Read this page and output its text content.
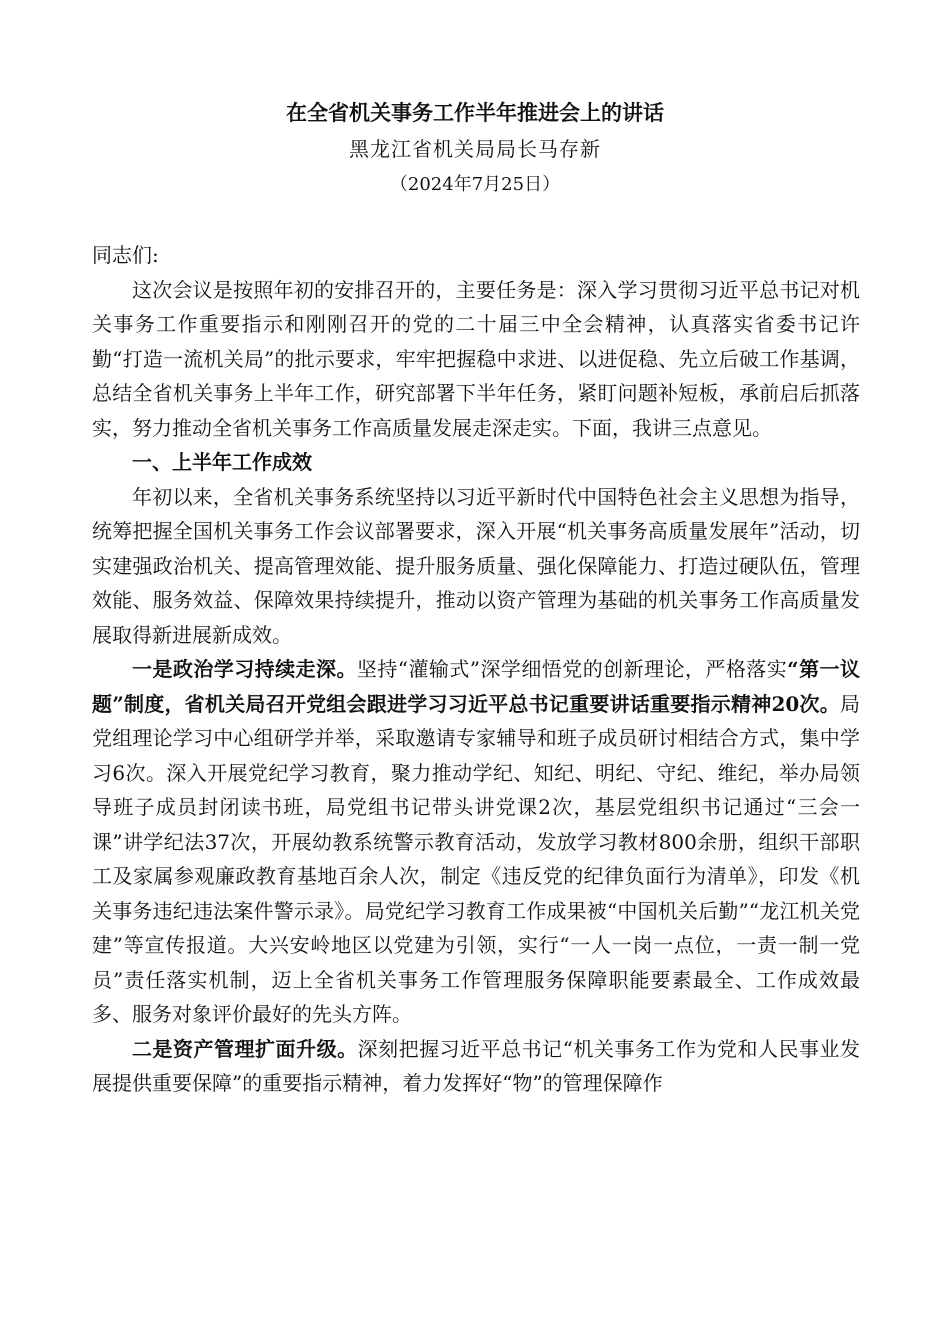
在全省机关事务工作半年推进会上的讲话
黑龙江省机关局局长马存新
（2024年7月25日）

同志们:

这次会议是按照年初的安排召开的，主要任务是：深入学习贯彻习近平总书记对机关事务工作重要指示和刚刚召开的党的二十届三中全会精神，认真落实省委书记许勤“打造一流机关局”的批示要求，牢牢把握稳中求进、以进促稳、先立后破工作基调，总结全省机关事务上半年工作，研究部署下半年任务，紧盯问题补短板，承前启后抓落实，努力推动全省机关事务工作高质量发展走深走实。下面，我讲三点意见。

一、上半年工作成效

年初以来，全省机关事务系统坚持以习近平新时代中国特色社会主义思想为指导，统筹把握全国机关事务工作会议部署要求，深入开展“机关事务高质量发展年”活动，切实建强政治机关、提高管理效能、提升服务质量、强化保障能力、打造过硬队伍，管理效能、服务效益、保障效果持续提升，推动以资产管理为基础的机关事务工作高质量发展取得新进展新成效。

一是政治学习持续走深。坚持“灌输式”深学细悟党的创新理论，严格落实“第一议题”制度，省机关局召开党组会跟进学习习近平总书记重要讲话重要指示精神20次。局党组理论学习中心组研学并举，采取邀请专家辅导和班子成员研讨相结合方式，集中学习6次。深入开展党纪学习教育，聚力推动学纪、知纪、明纪、守纪、维纪，举办局领导班子成员封闭读书班，局党组书记带头讲党课2次，基层党组织书记通过“三会一课”讲学纪法37次，开展幼教系统警示教育活动，发放学习教材800余册，组织干部职工及家属参观廉政教育基地百余人次，制定《违反党的纪律负面行为清单》，印发《机关事务违纪违法案件警示录》。局党纪学习教育工作成果被“中国机关后勤”“龙江机关党建”等宣传报道。大兴安岭地区以党建为引领，实行“一人一岗一点位，一责一制一党员”责任落实机制，迈上全省机关事务工作管理服务保障职能要素最全、工作成效最多、服务对象评价最好的先头方阵。

二是资产管理扩面升级。深刻把握习近平总书记“机关事务工作为党和人民事业发展提供重要保障”的重要指示精神，着力发挥好“物”的管理保障作
